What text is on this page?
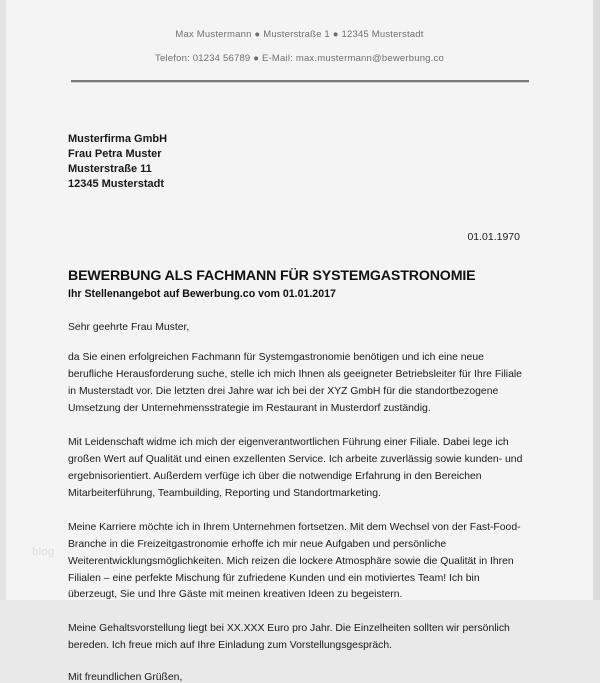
Max Mustermann ● Musterstraße 1 ● 12345 Musterstadt
Telefon: 01234 56789 ● E-Mail: max.mustermann@bewerbung.co
Musterfirma GmbH
Frau Petra Muster
Musterstraße 11
12345 Musterstadt
01.01.1970
BEWERBUNG ALS FACHMANN FÜR SYSTEMGASTRONOMIE
Ihr Stellenangebot auf Bewerbung.co vom 01.01.2017
Sehr geehrte Frau Muster,
da Sie einen erfolgreichen Fachmann für Systemgastronomie benötigen und ich eine neue berufliche Herausforderung suche, stelle ich mich Ihnen als geeigneter Betriebsleiter für Ihre Filiale in Musterstadt vor. Die letzten drei Jahre war ich bei der XYZ GmbH für die standortbezogene Umsetzung der Unternehmensstrategie im Restaurant in Musterdorf zuständig.
Mit Leidenschaft widme ich mich der eigenverantwortlichen Führung einer Filiale. Dabei lege ich großen Wert auf Qualität und einen exzellenten Service. Ich arbeite zuverlässig sowie kunden- und ergebnisorientiert. Außerdem verfüge ich über die notwendige Erfahrung in den Bereichen Mitarbeiterführung, Teambuilding, Reporting und Standortmarketing.
Meine Karriere möchte ich in Ihrem Unternehmen fortsetzen. Mit dem Wechsel von der Fast-Food-Branche in die Freizeitgastronomie erhoffe ich mir neue Aufgaben und persönliche Weiterentwicklungsmöglichkeiten. Mich reizen die lockere Atmosphäre sowie die Qualität in Ihren Filialen – eine perfekte Mischung für zufriedene Kunden und ein motiviertes Team! Ich bin überzeugt, Sie und Ihre Gäste mit meinen kreativen Ideen zu begeistern.
Meine Gehaltsvorstellung liegt bei XX.XXX Euro pro Jahr. Die Einzelheiten sollten wir persönlich bereden. Ich freue mich auf Ihre Einladung zum Vorstellungsgespräch.
Mit freundlichen Grüßen,
blog
